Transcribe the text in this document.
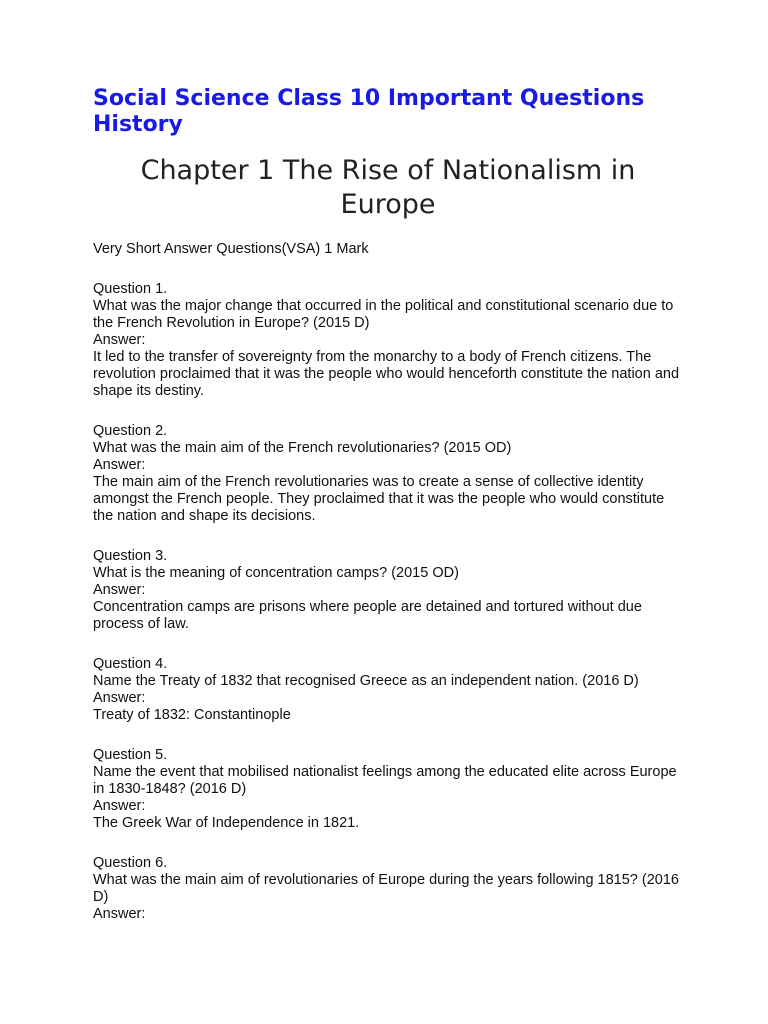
Social Science Class 10 Important Questions History
Chapter 1 The Rise of Nationalism in Europe

Very Short Answer Questions(VSA) 1 Mark

Question 1.
What was the major change that occurred in the political and constitutional scenario due to the French Revolution in Europe? (2015 D)
Answer:
It led to the transfer of sovereignty from the monarchy to a body of French citizens. The revolution proclaimed that it was the people who would henceforth constitute the nation and shape its destiny.
Question 2.
What was the main aim of the French revolutionaries? (2015 OD)
Answer:
The main aim of the French revolutionaries was to create a sense of collective identity amongst the French people. They proclaimed that it was the people who would constitute the nation and shape its decisions.
Question 3.
What is the meaning of concentration camps? (2015 OD)
Answer:
Concentration camps are prisons where people are detained and tortured without due process of law.
Question 4.
Name the Treaty of 1832 that recognised Greece as an independent nation. (2016 D)
Answer:
Treaty of 1832: Constantinople
Question 5.
Name the event that mobilised nationalist feelings among the educated elite across Europe in 1830-1848? (2016 D)
Answer:
The Greek War of Independence in 1821.
Question 6.
What was the main aim of revolutionaries of Europe during the years following 1815? (2016 D)
Answer:
